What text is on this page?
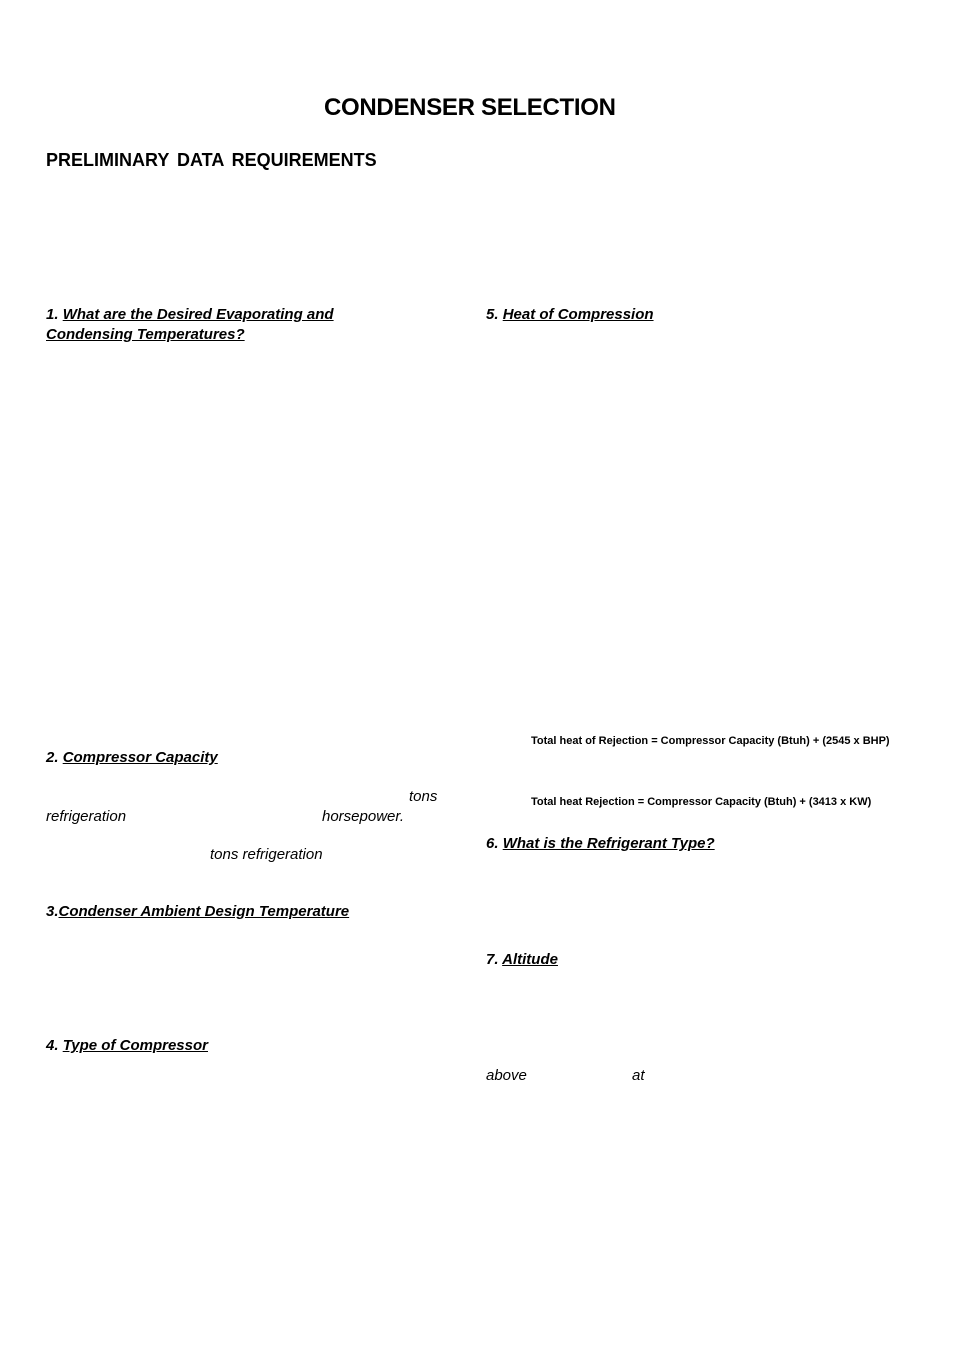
CONDENSER SELECTION
PRELIMINARY DATA REQUIREMENTS
1. What are the Desired Evaporating and
Condensing Temperatures?
5. Heat of Compression
Total heat of Rejection = Compressor Capacity (Btuh) + (2545 x BHP)
Total heat Rejection = Compressor Capacity (Btuh) + (3413 x KW)
2. Compressor Capacity
tons
refrigeration	horsepower.
tons refrigeration
6. What is the Refrigerant Type?
3.Condenser Ambient Design Temperature
7. Altitude
4. Type of Compressor
above	at
